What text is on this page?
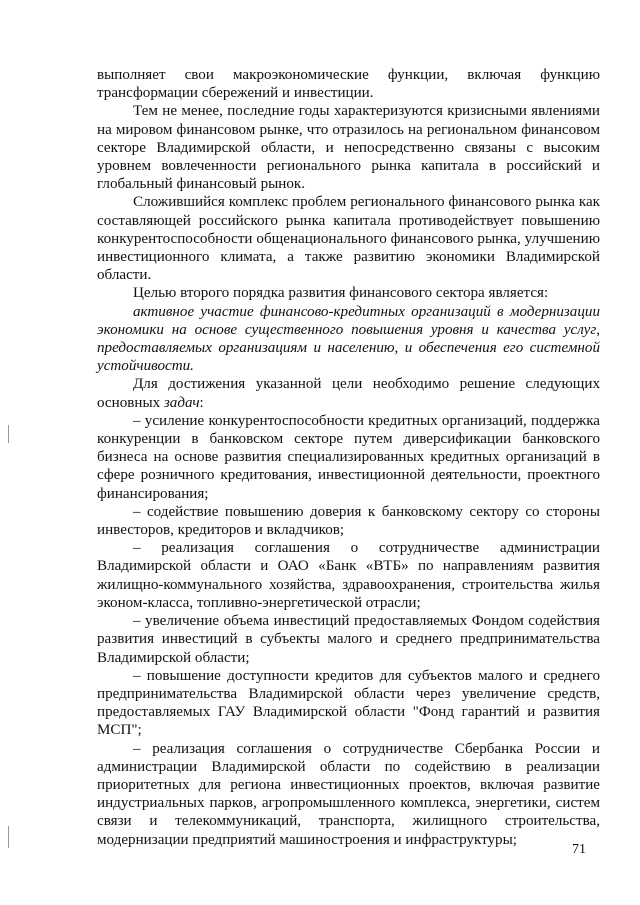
выполняет свои макроэкономические функции, включая функцию трансформации сбережений и инвестиции.

Тем не менее, последние годы характеризуются кризисными явлениями на мировом финансовом рынке, что отразилось на региональном финансовом секторе Владимирской области, и непосредственно связаны с высоким уровнем вовлеченности регионального рынка капитала в российский и глобальный финансовый рынок.

Сложившийся комплекс проблем регионального финансового рынка как составляющей российского рынка капитала противодействует повышению конкурентоспособности общенационального финансового рынка, улучшению инвестиционного климата, а также развитию экономики Владимирской области.

Целью второго порядка развития финансового сектора является:

активное участие финансово-кредитных организаций в модернизации экономики на основе существенного повышения уровня и качества услуг, предоставляемых организациям и населению, и обеспечения его системной устойчивости.

Для достижения указанной цели необходимо решение следующих основных задач:

– усиление конкурентоспособности кредитных организаций, поддержка конкуренции в банковском секторе путем диверсификации банковского бизнеса на основе развития специализированных кредитных организаций в сфере розничного кредитования, инвестиционной деятельности, проектного финансирования;

– содействие повышению доверия к банковскому сектору со стороны инвесторов, кредиторов и вкладчиков;

– реализация соглашения о сотрудничестве администрации Владимирской области и ОАО «Банк «ВТБ» по направлениям развития жилищно-коммунального хозяйства, здравоохранения, строительства жилья эконом-класса, топливно-энергетической отрасли;

– увеличение объема инвестиций предоставляемых Фондом содействия развития инвестиций в субъекты малого и среднего предпринимательства Владимирской области;

– повышение доступности кредитов для субъектов малого и среднего предпринимательства Владимирской области через увеличение средств, предоставляемых ГАУ Владимирской области "Фонд гарантий и развития МСП";

– реализация соглашения о сотрудничестве Сбербанка России и администрации Владимирской области по содействию в реализации приоритетных для региона инвестиционных проектов, включая развитие индустриальных парков, агропромышленного комплекса, энергетики, систем связи и телекоммуникаций, транспорта, жилищного строительства, модернизации предприятий машиностроения и инфраструктуры;

71
